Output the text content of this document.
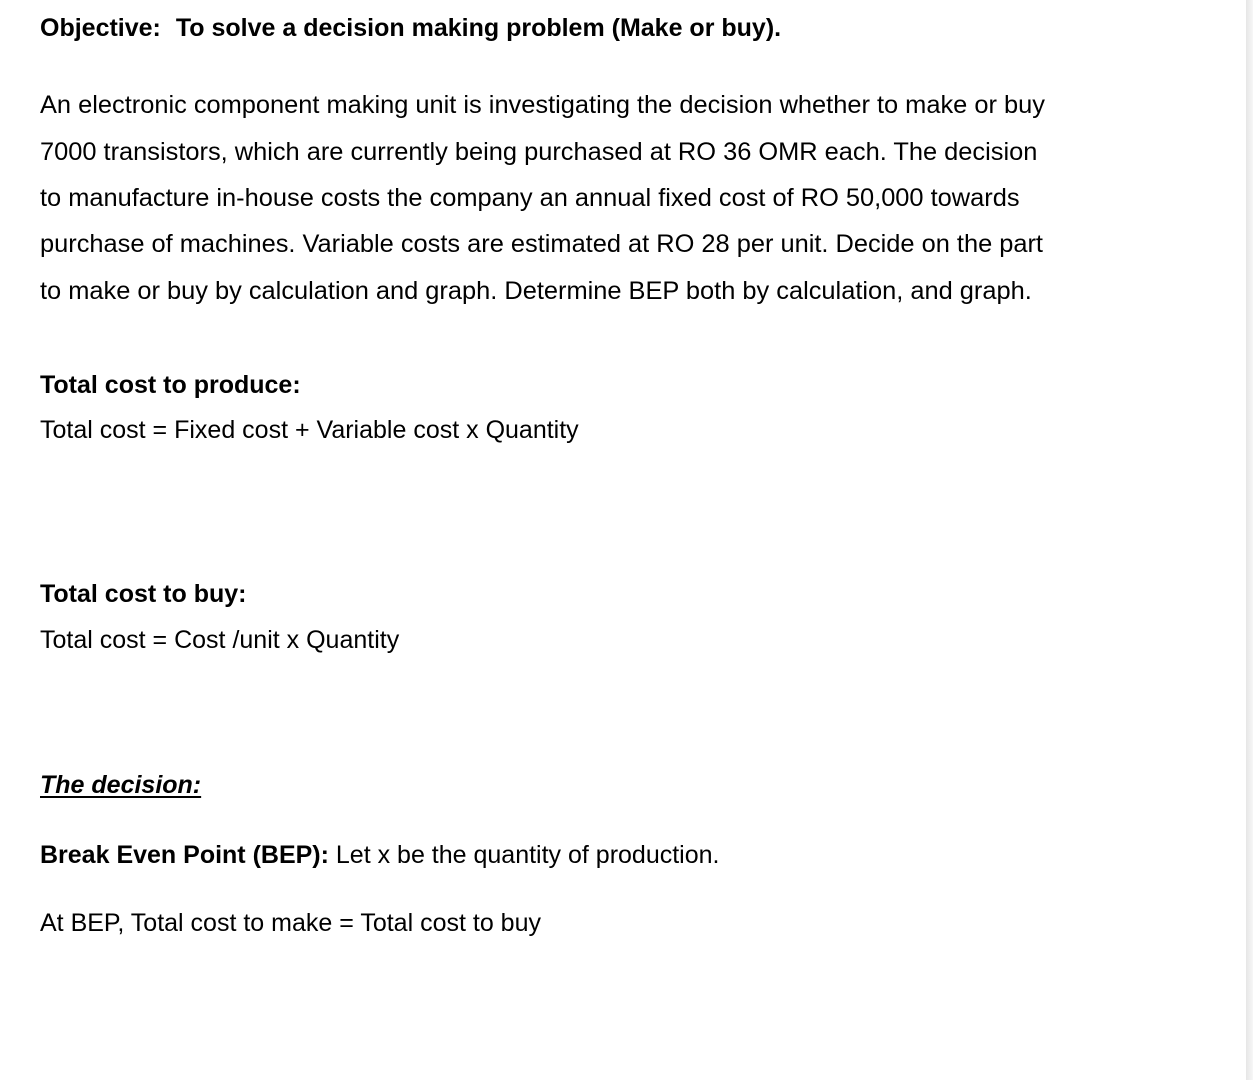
Objective: To solve a decision making problem (Make or buy).
An electronic component making unit is investigating the decision whether to make or buy
7000 transistors, which are currently being purchased at RO 36 OMR each. The decision
to manufacture in-house costs the company an annual fixed cost of RO 50,000 towards
purchase of machines. Variable costs are estimated at RO 28 per unit. Decide on the part
to make or buy by calculation and graph. Determine BEP both by calculation, and graph.
Total cost to produce:
Total cost = Fixed cost + Variable cost x Quantity
Total cost to buy:
Total cost = Cost /unit x Quantity
The decision:
Break Even Point (BEP): Let x be the quantity of production.
At BEP, Total cost to make = Total cost to buy
